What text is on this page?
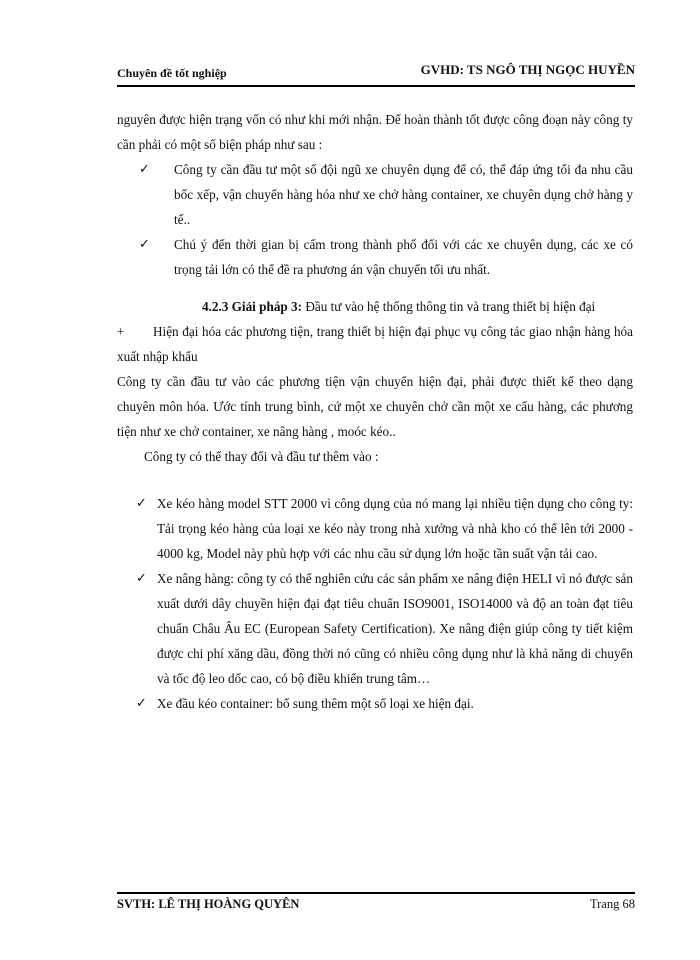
Chuyên đề tốt nghiệp	GVHD: TS NGÔ THỊ NGỌC HUYỀN

nguyên được hiện trạng vốn có như khi mới nhận. Để hoàn thành tốt được công đoạn này công ty cần phải có một số biện pháp như sau :

✓ Công ty cần đầu tư một số đội ngũ xe chuyên dụng để có, thể đáp ứng tối đa nhu cầu bốc xếp, vận chuyển hàng hóa như xe chở hàng container, xe chuyên dụng chở hàng y tế..
✓ Chú ý đến thời gian bị cấm trong thành phố đối với các xe chuyên dụng, các xe có trọng tải lớn có thể đề ra phương án vận chuyển tối ưu nhất.

4.2.3 Giải pháp 3: Đầu tư vào hệ thống thông tin và trang thiết bị hiện đại

+ Hiện đại hóa các phương tiện, trang thiết bị hiện đại phục vụ công tác giao nhận hàng hóa xuất nhập khẩu

Công ty cần đầu tư vào các phương tiện vận chuyển hiện đại, phải được thiết kế theo dạng chuyên môn hóa. Ước tính trung bình, cứ một xe chuyên chở cần một xe cẩu hàng, các phương tiện như xe chở container, xe nâng hàng , moóc kéo..

Công ty có thể thay đổi và đầu tư thêm vào :

✓ Xe kéo hàng model STT 2000 vì công dụng của nó mang lại nhiều tiện dụng cho công ty: Tải trọng kéo hàng của loại xe kéo này trong nhà xưởng và nhà kho có thể lên tới 2000 - 4000 kg, Model này phù hợp với các nhu cầu sử dụng lớn hoặc tần suất vận tải cao.
✓ Xe nâng hàng: công ty có thể nghiên cứu các sản phẩm xe nâng điện HELI vì nó được sản xuất dưới dây chuyền hiện đại đạt tiêu chuẩn ISO9001, ISO14000 và độ an toàn đạt tiêu chuẩn Châu Âu EC (European Safety Certification). Xe nâng điện giúp công ty tiết kiệm được chi phí xăng dầu, đồng thời nó cũng có nhiều công dụng như là khả năng di chuyển và tốc độ leo dốc cao, có bộ điều khiển trung tâm…
✓ Xe đầu kéo container: bổ sung thêm một số loại xe hiện đại.
SVTH: LÊ THỊ HOÀNG QUYÊN	Trang 68
